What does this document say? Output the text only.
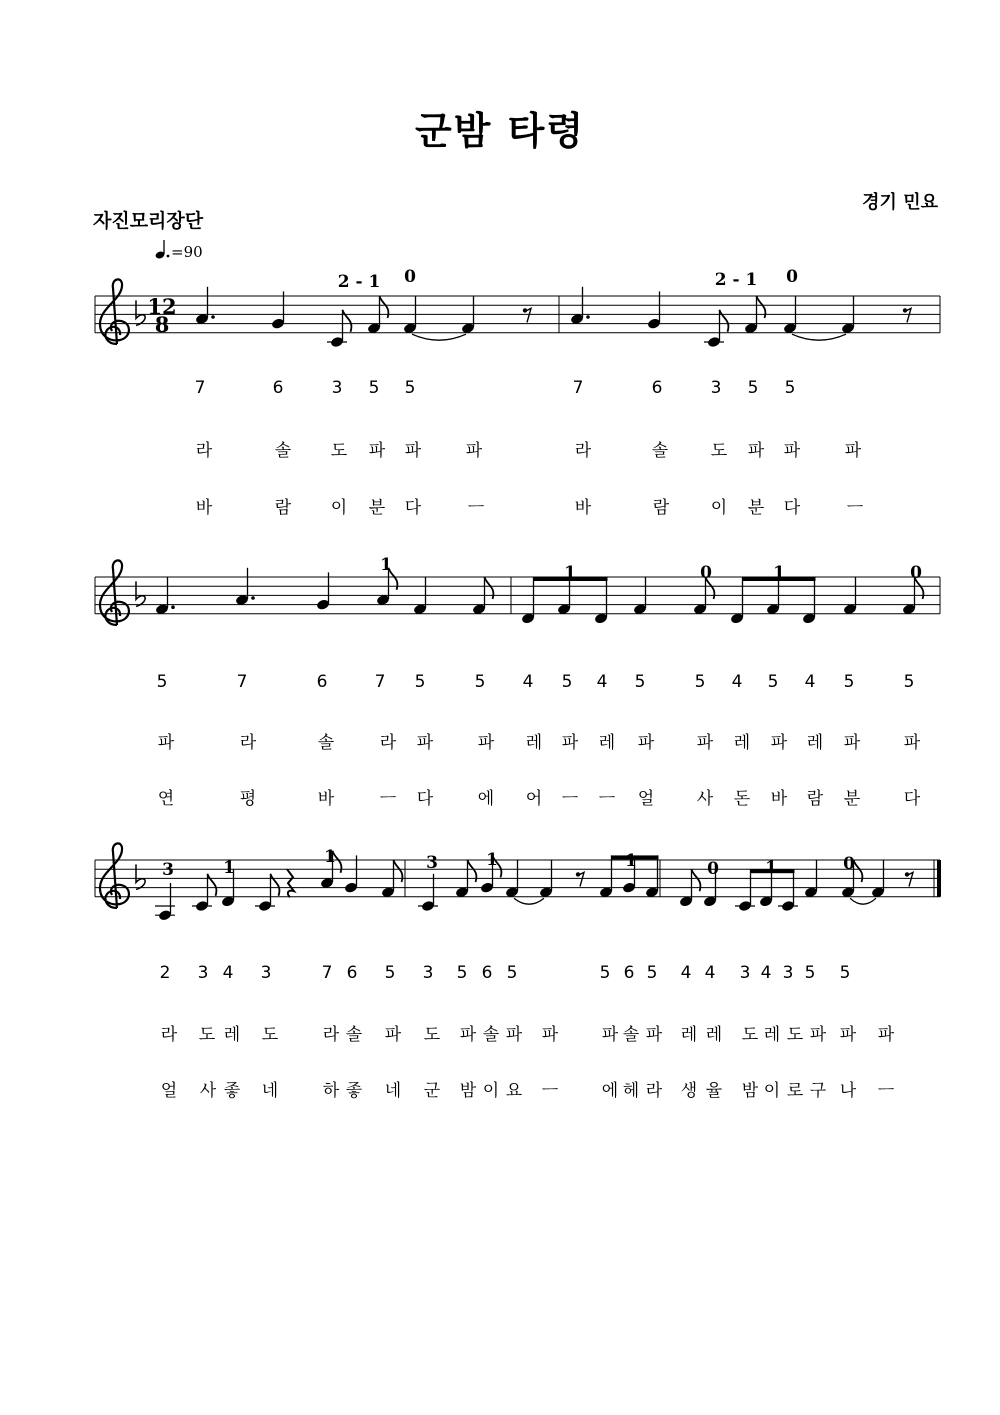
군밤 타령
경기 민요
자진모리장단
=90
12
8
2 - 1 0	2 - 1 0
7	6	3 5 5	7	6	3 5 5
라	솔 도 파 파	파	라	솔	도 파 파	파
바	람 이 분 다	ㅡ	바	람 이 분 다	ㅡ
1	1	0	1	0
5	7	6	7 5	5 4 5 4 5	5 4 5 4 5	5
파	라	솔	라 파	파 레 파 레 파	파 레 파 레 파	파
연	평	바	ㅡ 다	에 어 ㅡ ㅡ 얼	사 돈 바 람 분	다
3	1
1	3	1	1	0	1	0
2 3 4 3	7 6 5 3 5 6 5	5 6 5 4 4 3 4 3 5 5
라 도 레 도	라 솔 파 도 파 솔 파 파	파 솔 파 레 레 도 레 도 파 파 파
얼 사 좋 네	하 좋 네 군 밤 이 요 ㅡ	에 헤 라 생 율 밤 이 로 구 나 ㅡ
